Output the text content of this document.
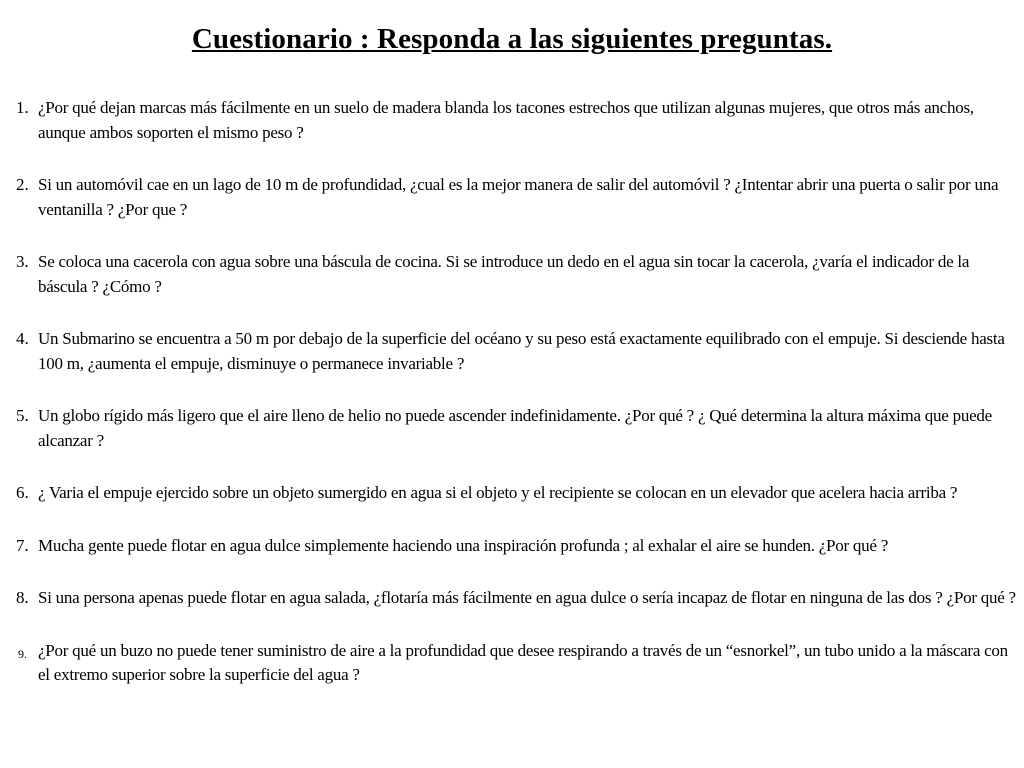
Cuestionario : Responda a las siguientes preguntas.
1. ¿Por qué dejan marcas más fácilmente en un suelo de madera blanda los tacones estrechos que utilizan algunas mujeres, que otros más anchos, aunque ambos soporten el mismo peso ?
2. Si un automóvil cae en un lago de 10 m de profundidad, ¿cual es la mejor manera de salir del automóvil ? ¿Intentar abrir una puerta o salir por una ventanilla ? ¿Por que ?
3. Se coloca una cacerola con agua sobre una báscula de cocina. Si se introduce un dedo en el agua sin tocar la cacerola, ¿varía el indicador de la báscula ? ¿Cómo ?
4. Un Submarino se encuentra a 50 m por debajo de la superficie del océano y su peso está exactamente equilibrado con el empuje. Si desciende hasta 100 m, ¿aumenta el empuje, disminuye o permanece invariable ?
5. Un globo rígido más ligero que el aire lleno de helio no puede ascender indefinidamente. ¿Por qué ? ¿ Qué determina la altura máxima que puede alcanzar ?
6. ¿ Varia el empuje ejercido sobre un objeto sumergido en agua si el objeto y el recipiente se colocan en un elevador que acelera hacia arriba ?
7. Mucha gente puede flotar en agua dulce simplemente haciendo una inspiración profunda ; al exhalar el aire se hunden. ¿Por qué ?
8. Si una persona apenas puede flotar en agua salada, ¿flotaría más fácilmente en agua dulce o sería incapaz de flotar en ninguna de las dos ? ¿Por qué ?
9. ¿Por qué un buzo no puede tener suministro de aire a la profundidad que desee respirando a través de un “esnorkel”, un tubo unido a la máscara con el extremo superior sobre la superficie del agua ?
